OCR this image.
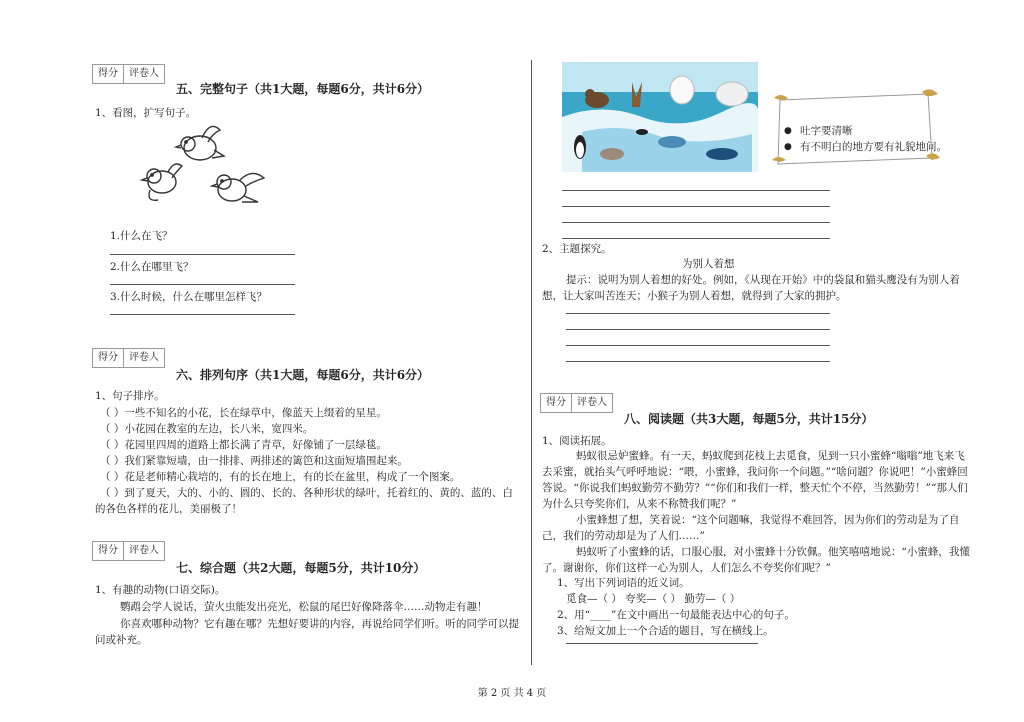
得分	评卷人
五、完整句子（共1大题，每题6分，共计6分）
1、看图，扩写句子。
1.什么在飞？
2.什么在哪里飞？
3.什么时候，什么在哪里怎样飞？
得分	评卷人
六、排列句序（共1大题，每题6分，共计6分）
1、句子排序。
（ ）一些不知名的小花，长在绿草中，像蓝天上缀着的星星。
（ ）小花园在教室的左边，长八米，宽四米。
（ ）花园里四周的道路上都长满了青草，好像铺了一层绿毯。
（ ）我们紧靠短墙，由一排排、两排述的篱笆和这面短墙围起来。
（ ）花是老师精心栽培的，有的长在地上，有的长在盆里，构成了一个图案。
（ ）到了夏天，大的、小的、圆的、长的、各种形状的绿叶，托着红的、黄的、蓝的、白
的各色各样的花儿，美丽极了！
得分	评卷人
七、综合题（共2大题，每题5分，共计10分）
1、有趣的动物(口语交际)。
鹦鹉会学人说话，萤火虫能发出亮光，松鼠的尾巴好像降落伞……动物走有趣！
你喜欢哪种动物？它有趣在哪？先想好要讲的内容，再说给同学们听。听的同学可以提问或补充。
● 吐字要清晰
● 有不明白的地方要有礼貌地问。
2、主题探究。
为别人着想
提示：说明为别人着想的好处。例如，《从现在开始》中的袋鼠和猫头鹰没有为别人着想，让大家叫苦连天；小猴子为别人着想，就得到了大家的拥护。
得分	评卷人
八、阅读题（共3大题，每题5分，共计15分）
1、阅读拓展。
蚂蚁很忌妒蜜蜂。有一天，蚂蚁爬到花枝上去觅食，见到一只小蜜蜂“嗡嗡”地飞来飞去采蜜，就抬头气呼呼地说：“喂，小蜜蜂，我问你一个问题。”“啥问题？你说吧！”小蜜蜂回答说。“你说我们蚂蚁勤劳不勤劳？”“你们和我们一样，整天忙个不停，当然勤劳！”“那人们为什么只夸奖你们，从来不称赞我们呢？”
小蜜蜂想了想，笑着说：“这个问题嘛，我觉得不难回答，因为你们的劳动是为了自己，我们的劳动却是为了人们……”
蚂蚁听了小蜜蜂的话，口服心服，对小蜜蜂十分钦佩。他笑嘻嘻地说：“小蜜蜂，我懂了。谢谢你，你们这样一心为别人，人们怎么不夸奖你们呢？”
1、写出下列词语的近义词。
觅食—（ ） 夸奖—（ ） 勤劳—（ ）
2、用“____”在文中画出一句最能表达中心的句子。
3、给短文加上一个合适的题目，写在横线上。
第 2 页 共 4 页
